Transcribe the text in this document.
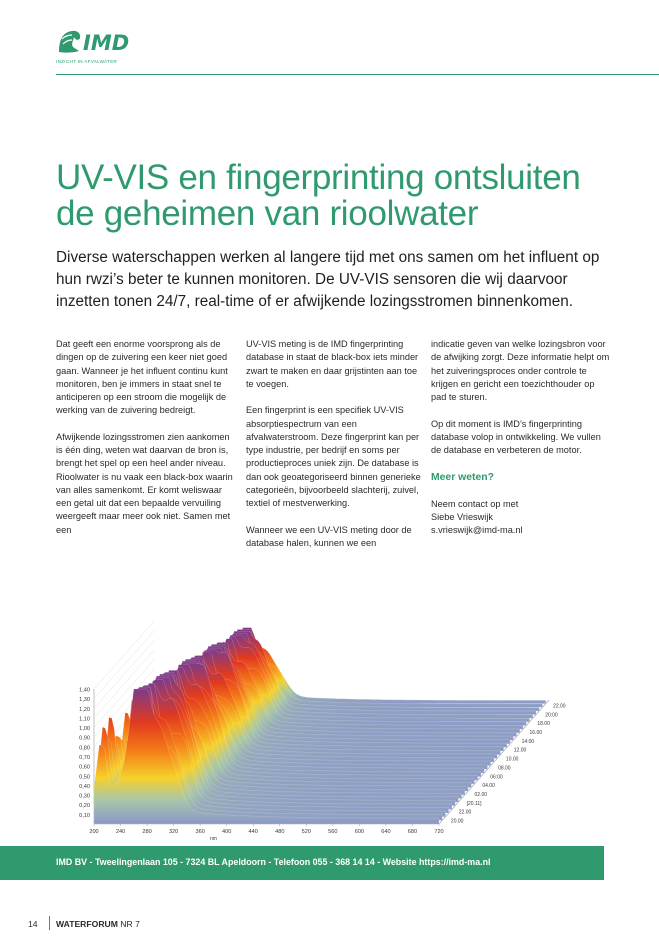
IMD
INZICHT IN AFVALWATER
UV-VIS en fingerprinting ontsluiten de geheimen van rioolwater

Diverse waterschappen werken al langere tijd met ons samen om het influent op hun rwzi’s beter te kunnen monitoren. De UV-VIS sensoren die wij daarvoor inzetten tonen 24/7, real-time of er afwijkende lozingsstromen binnenkomen.

Dat geeft een enorme voorsprong als de dingen op de zuivering een keer niet goed gaan. Wanneer je het influent continu kunt monitoren, ben je immers in staat snel te anticiperen op een stroom die mogelijk de werking van de zuivering bedreigt.

Afwijkende lozingsstromen zien aankomen is één ding, weten wat daarvan de bron is, brengt het spel op een heel ander niveau. Rioolwater is nu vaak een black-box waarin van alles samenkomt. Er komt weliswaar een getal uit dat een bepaalde vervuiling weergeeft maar meer ook niet. Samen met een

UV-VIS meting is de IMD fingerprinting database in staat de black-box iets minder zwart te maken en daar grijstinten aan toe te voegen.

Een fingerprint is een specifiek UV-VIS absorptiespectrum van een afvalwaterstroom. Deze fingerprint kan per type industrie, per bedrijf en soms per productieproces uniek zijn. De database is dan ook geoategoriseerd binnen generieke categorieën, bijvoorbeeld slachterij, zuivel, textiel of mestverwerking.

Wanneer we een UV-VIS meting door de database halen, kunnen we een

indicatie geven van welke lozingsbron voor de afwijking zorgt. Deze informatie helpt om het zuiveringsproces onder controle te krijgen en gericht een toezichthouder op pad te sturen.

Op dit moment is IMD’s fingerprinting database volop in ontwikkeling. We vullen de database en verbeteren de motor.

Meer weten?

Neem contact op met
Siebe Vrieswijk
s.vrieswijk@imd-ma.nl
0,10
0,20
0,30
0,40
0,50
0,60
0,70
0,80
0,90
1,00
1,10
1,20
1,30
1,40
200	240	280	320	360	400	440	480	520	560	600	640	680	720
nm
20.00
22.00
[20.11]
02.00
04.00
06:00
08.00
10.00
12.00
14:00
16.00
18.00
20:00
22.00
IMD BV - Tweelingenlaan 105 - 7324 BL Apeldoorn - Telefoon 055 - 368 14 14 - Website https://imd-ma.nl
14 WATERFORUM NR 7
